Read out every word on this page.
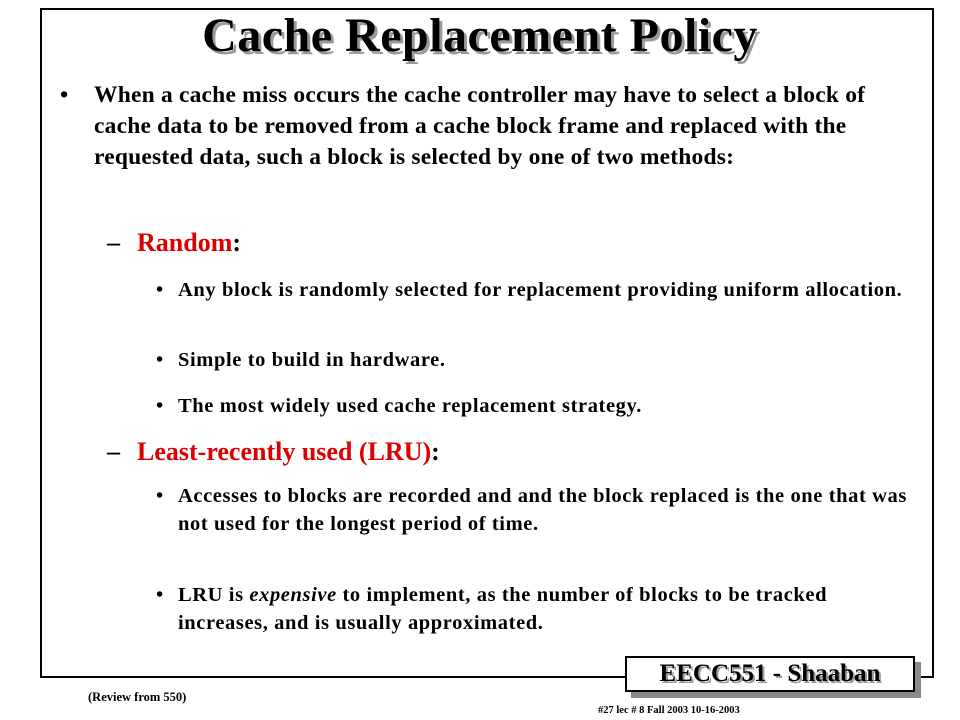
Cache Replacement Policy
• When a cache miss occurs the cache controller may have to select a block of cache data to be removed from a cache block frame and replaced with the requested data, such a block is selected by one of two methods:
– Random:
• Any block is randomly selected for replacement providing uniform allocation.
• Simple to build in hardware.
• The most widely used cache replacement strategy.
– Least-recently used (LRU):
• Accesses to blocks are recorded and and the block replaced is the one that was not used for the longest period of time.
• LRU is expensive to implement, as the number of blocks to be tracked increases, and is usually approximated.
EECC551 - Shaaban
(Review from 550)
#27 lec # 8 Fall 2003 10-16-2003
